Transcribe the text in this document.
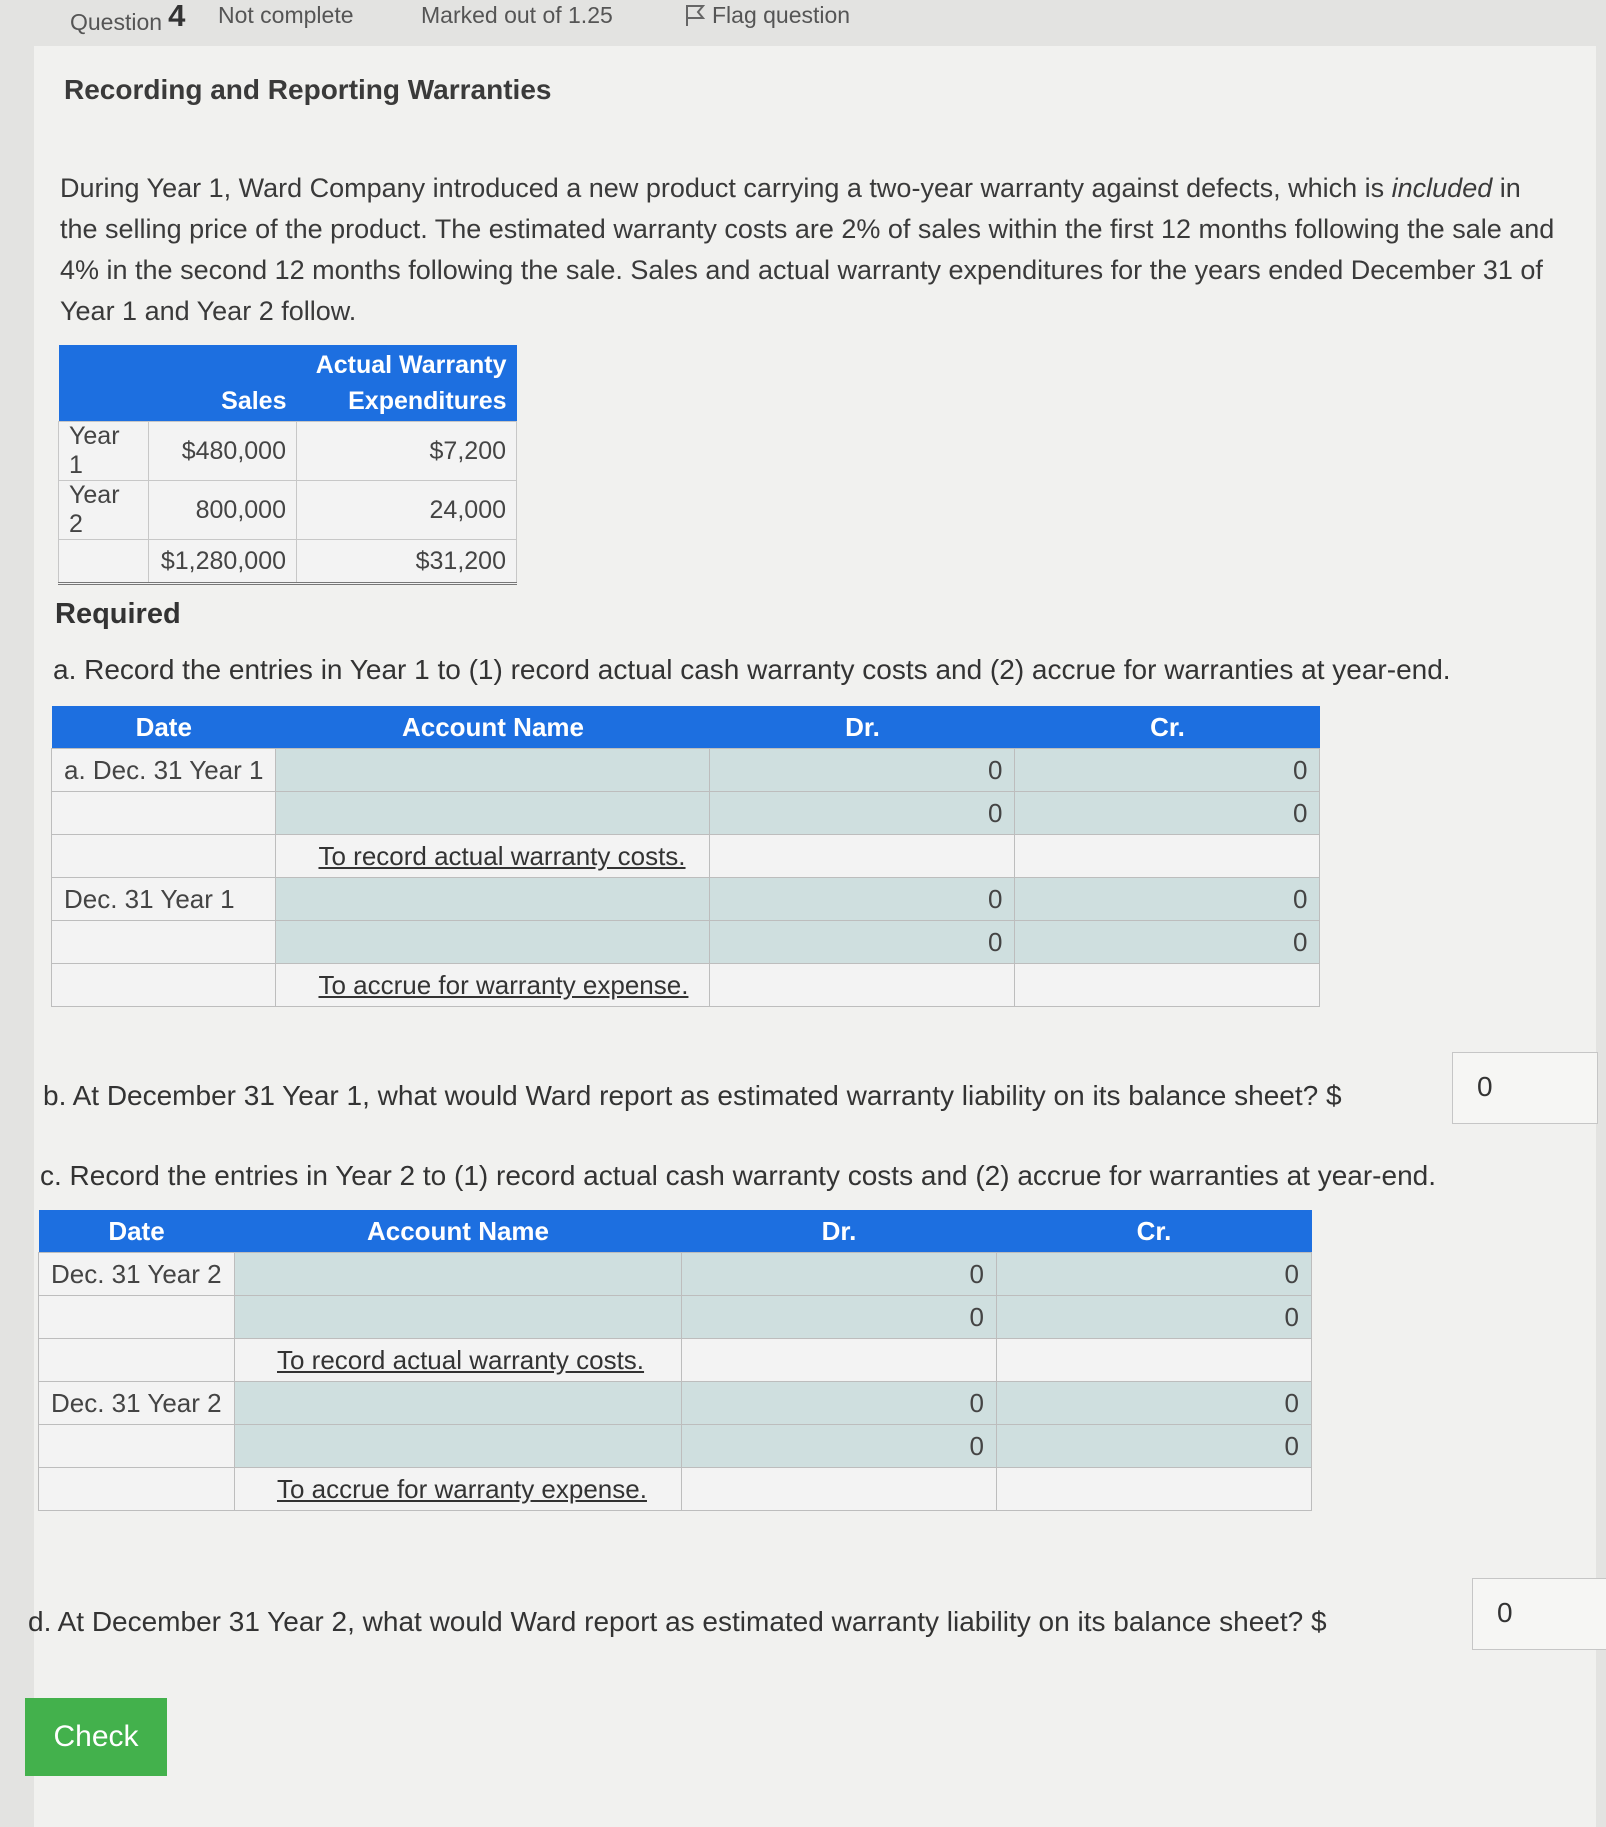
Question 4 Not complete	Marked out of 1.25	Flag question
Recording and Reporting Warranties
During Year 1, Ward Company introduced a new product carrying a two-year warranty against defects, which is included in the selling price of the product. The estimated warranty costs are 2% of sales within the first 12 months following the sale and 4% in the second 12 months following the sale. Sales and actual warranty expenditures for the years ended December 31 of Year 1 and Year 2 follow.
	Sales	Actual Warranty
Expenditures

Year 1	$480,000	$7,200
Year 2	800,000	24,000
	$1,280,000	$31,200
Required
a. Record the entries in Year 1 to (1) record actual cash warranty costs and (2) accrue for warranties at year-end.
Date	Account Name	Dr.	Cr.
a. Dec. 31 Year 1		0	0
		0	0
	To record actual warranty costs.		
Dec. 31 Year 1		0	0
		0	0
	To accrue for warranty expense.		
b. At December 31 Year 1, what would Ward report as estimated warranty liability on its balance sheet? $	0
c. Record the entries in Year 2 to (1) record actual cash warranty costs and (2) accrue for warranties at year-end.
Date	Account Name	Dr.	Cr.
Dec. 31 Year 2		0	0
		0	0
	To record actual warranty costs.		
Dec. 31 Year 2		0	0
		0	0
	To accrue for warranty expense.		
d. At December 31 Year 2, what would Ward report as estimated warranty liability on its balance sheet? $	0
Check
